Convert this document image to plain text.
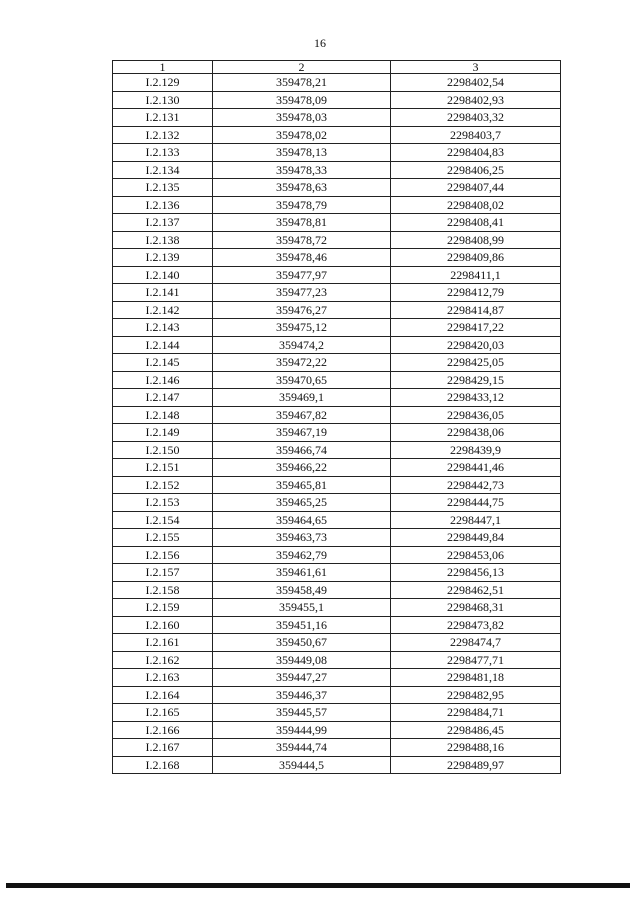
16
1	2	3
I.2.129	359478,21	2298402,54
I.2.130	359478,09	2298402,93
I.2.131	359478,03	2298403,32
I.2.132	359478,02	2298403,7
I.2.133	359478,13	2298404,83
I.2.134	359478,33	2298406,25
I.2.135	359478,63	2298407,44
I.2.136	359478,79	2298408,02
I.2.137	359478,81	2298408,41
I.2.138	359478,72	2298408,99
I.2.139	359478,46	2298409,86
I.2.140	359477,97	2298411,1
I.2.141	359477,23	2298412,79
I.2.142	359476,27	2298414,87
I.2.143	359475,12	2298417,22
I.2.144	359474,2	2298420,03
I.2.145	359472,22	2298425,05
I.2.146	359470,65	2298429,15
I.2.147	359469,1	2298433,12
I.2.148	359467,82	2298436,05
I.2.149	359467,19	2298438,06
I.2.150	359466,74	2298439,9
I.2.151	359466,22	2298441,46
I.2.152	359465,81	2298442,73
I.2.153	359465,25	2298444,75
I.2.154	359464,65	2298447,1
I.2.155	359463,73	2298449,84
I.2.156	359462,79	2298453,06
I.2.157	359461,61	2298456,13
I.2.158	359458,49	2298462,51
I.2.159	359455,1	2298468,31
I.2.160	359451,16	2298473,82
I.2.161	359450,67	2298474,7
I.2.162	359449,08	2298477,71
I.2.163	359447,27	2298481,18
I.2.164	359446,37	2298482,95
I.2.165	359445,57	2298484,71
I.2.166	359444,99	2298486,45
I.2.167	359444,74	2298488,16
I.2.168	359444,5	2298489,97
